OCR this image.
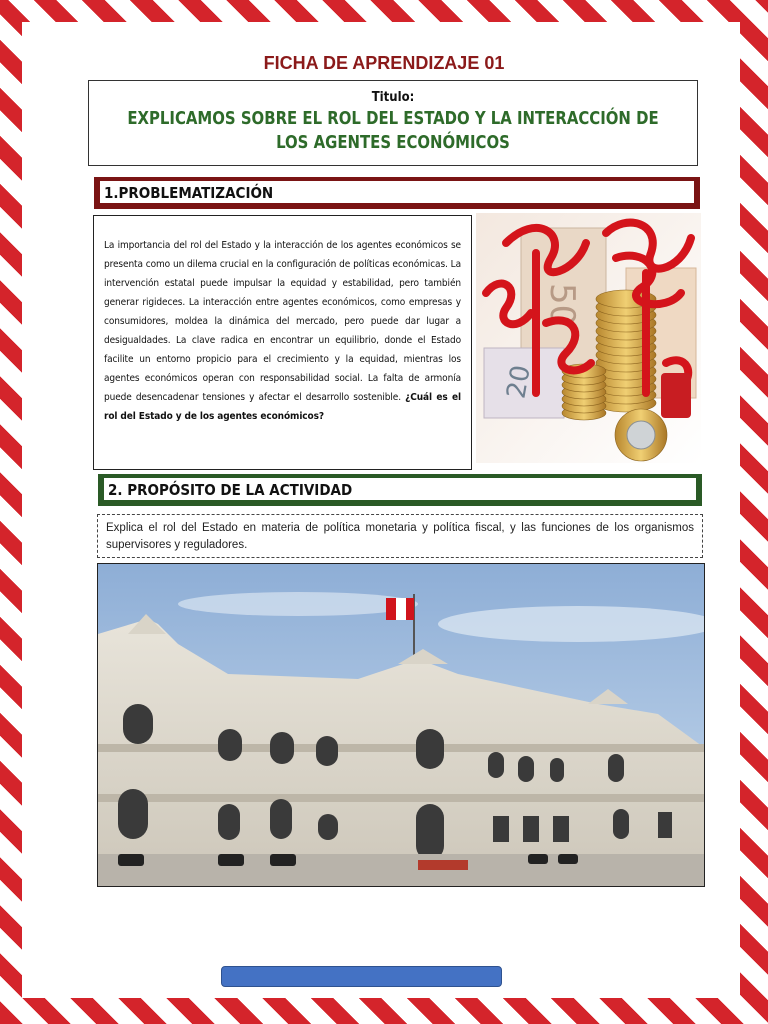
FICHA DE APRENDIZAJE 01
Titulo:
EXPLICAMOS SOBRE EL ROL DEL ESTADO Y LA INTERACCIÓN DE LOS AGENTES ECONÓMICOS
1.PROBLEMATIZACIÓN
La importancia del rol del Estado y la interacción de los agentes económicos se presenta como un dilema crucial en la configuración de políticas económicas. La intervención estatal puede impulsar la equidad y estabilidad, pero también generar rigideces. La interacción entre agentes económicos, como empresas y consumidores, moldea la dinámica del mercado, pero puede dar lugar a desigualdades. La clave radica en encontrar un equilibrio, donde el Estado facilite un entorno propicio para el crecimiento y la equidad, mientras los agentes económicos operan con responsabilidad social. La falta de armonía puede desencadenar tensiones y afectar el desarrollo sostenible. ¿Cuál es el rol del Estado y de los agentes económicos?
50
20
2. PROPÓSITO DE LA ACTIVIDAD
Explica el rol del Estado en materia de política monetaria y política fiscal, y las funciones de los organismos supervisores y reguladores.
